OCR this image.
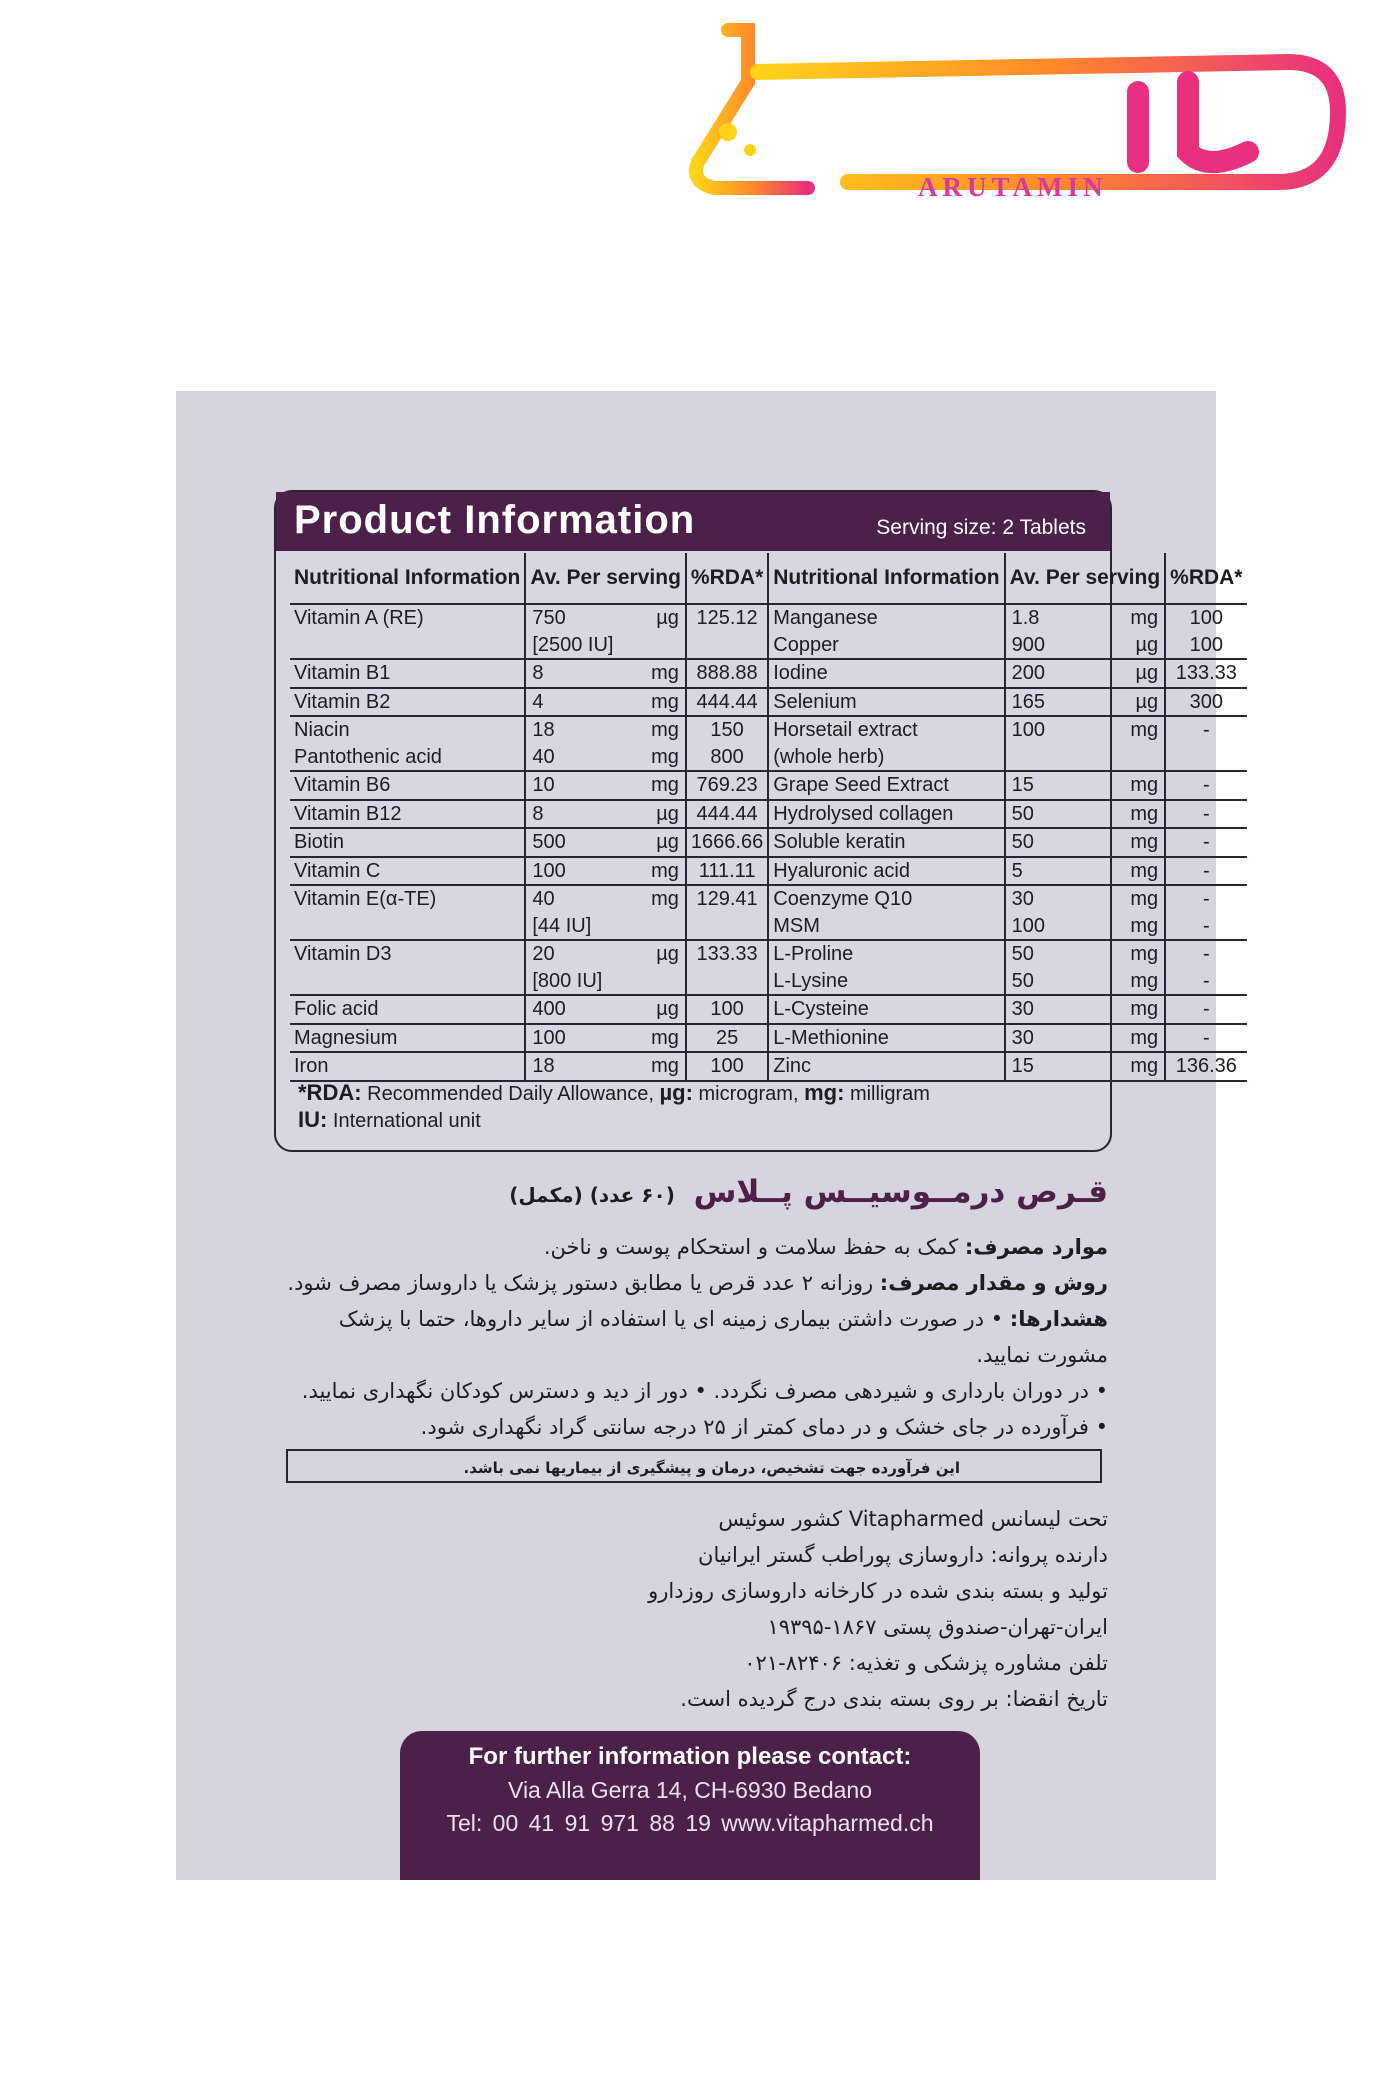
ARUTAMIN
Product Information	Serving size: 2 Tablets
Nutritional Information	Av. Per serving	%RDA*	Nutritional Information	Av. Per serving	%RDA*
Vitamin A (RE)	750 µg	125.12	Manganese	1.8 mg	100

	[2500 IU]		Copper	900 µg	100
Vitamin B1	8 mg	888.88	Iodine	200 µg	133.33
Vitamin B2	4 mg	444.44	Selenium	165 µg	300
Niacin	18 mg	150	Horsetail extract	100 mg	-
Pantothenic acid	40 mg	800	(whole herb)	

Vitamin B6	10 mg	769.23	Grape Seed Extract	15 mg	-
Vitamin B12	8 µg	444.44	Hydrolysed collagen	50 mg	-
Biotin	500 µg	1666.66	Soluble keratin	50 mg	-
Vitamin C	100 mg	111.11	Hyaluronic acid	5 mg	-
Vitamin E(α-TE)	40 mg	129.41	Coenzyme Q10	30 mg	-

	[44 IU]		MSM	100 mg	-
Vitamin D3	20 µg	133.33	L-Proline	50 mg	-

	[800 IU]		L-Lysine	50 mg	-
Folic acid	400 µg	100	L-Cysteine	30 mg	-
Magnesium	100 mg	25	L-Methionine	30 mg	-
Iron	18 mg	100	Zinc	15 mg	136.36
*RDA: Recommended Daily Allowance, µg: microgram, mg: milligram
IU: International unit
قـرص درمــوسیــس پــلاس (۶۰ عدد) (مکمل)
موارد مصرف: کمک به حفظ سلامت و استحکام پوست و ناخن.
روش و مقدار مصرف: روزانه ۲ عدد قرص یا مطابق دستور پزشک یا داروساز مصرف شود.
هشدارها: • در صورت داشتن بیماری زمینه ای یا استفاده از سایر داروها، حتما با پزشک
مشورت نمایید.
• در دوران بارداری و شیردهی مصرف نگردد. • دور از دید و دسترس کودکان نگهداری نمایید.
• فرآورده در جای خشک و در دمای کمتر از ۲۵ درجه سانتی گراد نگهداری شود.
این فرآورده جهت تشخیص، درمان و پیشگیری از بیماریها نمی باشد.
تحت لیسانس Vitapharmed کشور سوئیس
دارنده پروانه: داروسازی پوراطب گستر ایرانیان
تولید و بسته بندی شده در کارخانه داروسازی روزدارو
ایران-تهران-صندوق پستی ۱۸۶۷-۱۹۳۹۵
تلفن مشاوره پزشکی و تغذیه: ۸۲۴۰۶-۰۲۱
تاریخ انقضا: بر روی بسته بندی درج گردیده است.
For further information please contact:
Via Alla Gerra 14, CH-6930 Bedano
Tel: 00 41 91 971 88 19 www.vitapharmed.ch
